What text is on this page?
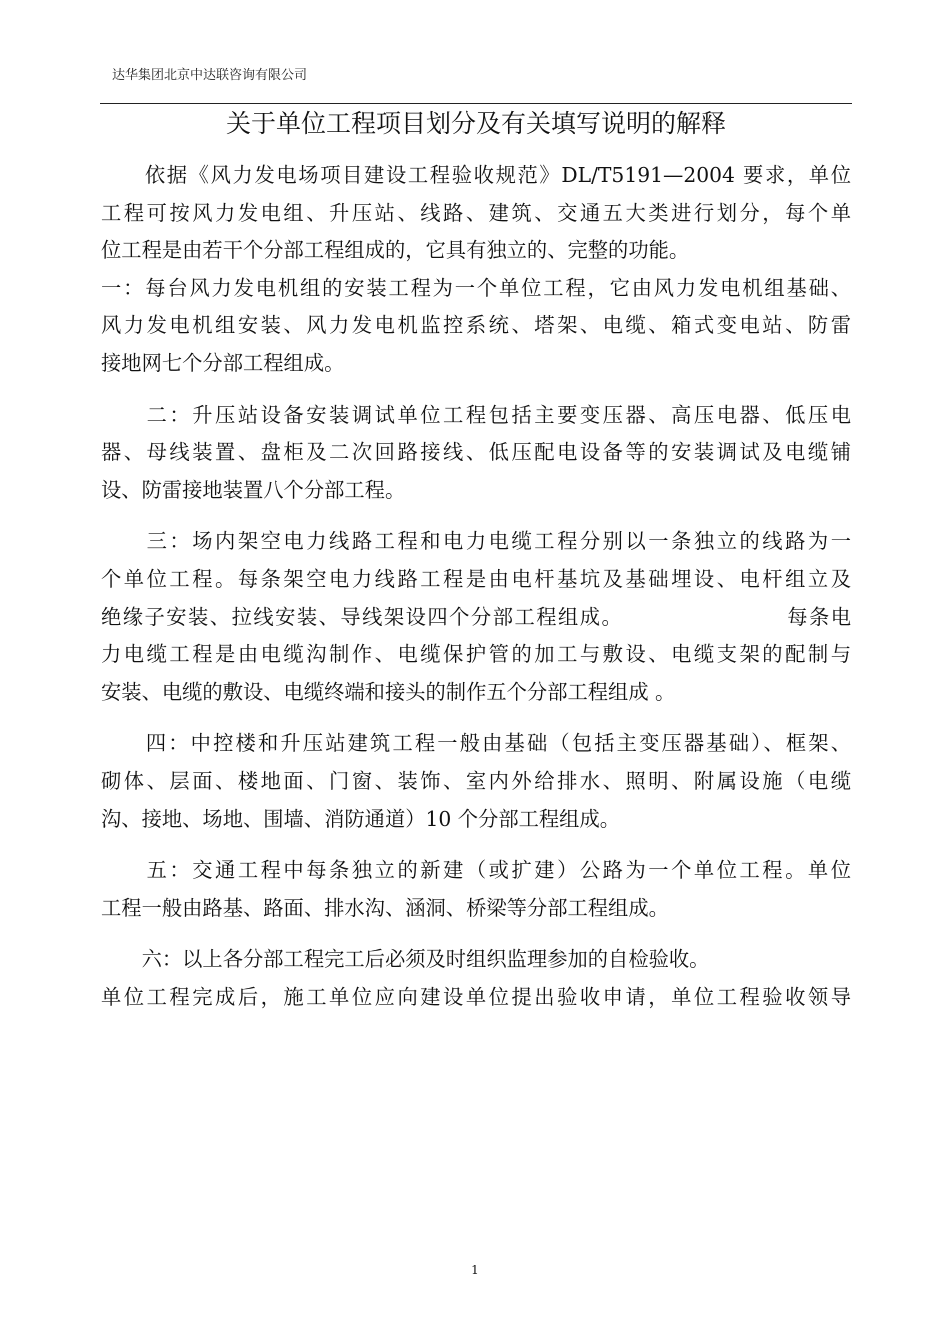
达华集团北京中达联咨询有限公司
关于单位工程项目划分及有关填写说明的解释
　　依据《风力发电场项目建设工程验收规范》DL/T5191—2004 要求，单位
工程可按风力发电组、升压站、线路、建筑、交通五大类进行划分，每个单
位工程是由若干个分部工程组成的，它具有独立的、完整的功能。
一：每台风力发电机组的安装工程为一个单位工程，它由风力发电机组基础、
风力发电机组安装、风力发电机监控系统、塔架、电缆、箱式变电站、防雷
接地网七个分部工程组成。
　　二：升压站设备安装调试单位工程包括主要变压器、高压电器、低压电
器、母线装置、盘柜及二次回路接线、低压配电设备等的安装调试及电缆铺
设、防雷接地装置八个分部工程。
　　三：场内架空电力线路工程和电力电缆工程分别以一条独立的线路为一
个单位工程。每条架空电力线路工程是由电杆基坑及基础埋设、电杆组立及
绝缘子安装、拉线安装、导线架设四个分部工程组成。　　　　　　　　每条电
力电缆工程是由电缆沟制作、电缆保护管的加工与敷设、电缆支架的配制与
安装、电缆的敷设、电缆终端和接头的制作五个分部工程组成 。
　　四：中控楼和升压站建筑工程一般由基础（包括主变压器基础）、框架、
砌体、层面、楼地面、门窗、装饰、室内外给排水、照明、附属设施（电缆
沟、接地、场地、围墙、消防通道）10 个分部工程组成。
　　五：交通工程中每条独立的新建（或扩建）公路为一个单位工程。单位
工程一般由路基、路面、排水沟、涵洞、桥梁等分部工程组成。
　　六：以上各分部工程完工后必须及时组织监理参加的自检验收。
单位工程完成后，施工单位应向建设单位提出验收申请，单位工程验收领导
1
